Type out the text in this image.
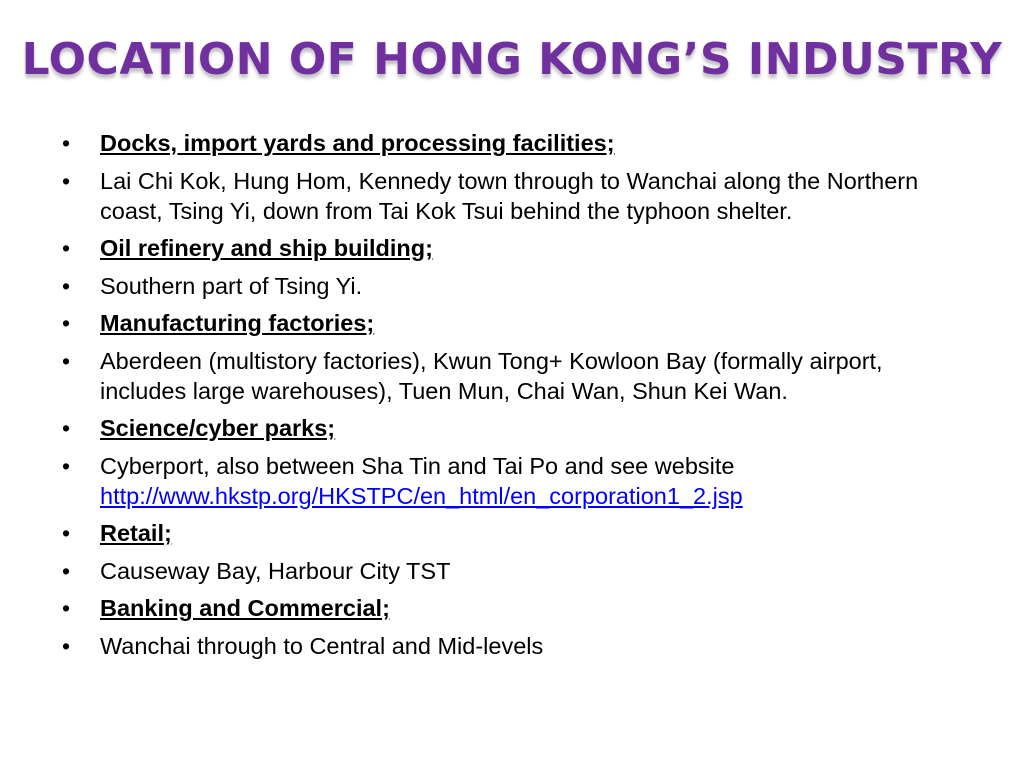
LOCATION OF HONG KONG’S INDUSTRY
•	Docks, import yards and processing facilities;
•	Lai Chi Kok, Hung Hom, Kennedy town through to Wanchai along the Northern coast, Tsing Yi, down from Tai Kok Tsui behind the typhoon shelter.
•	Oil refinery and ship building;
•	Southern part of Tsing Yi.
•	Manufacturing factories;
•	Aberdeen (multistory factories), Kwun Tong+ Kowloon Bay (formally airport, includes large warehouses), Tuen Mun, Chai Wan, Shun Kei Wan.
•	Science/cyber parks;
•	Cyberport, also between Sha Tin and Tai Po and see website
http://www.hkstp.org/HKSTPC/en_html/en_corporation1_2.jsp
•	Retail;
•	Causeway Bay, Harbour City TST
•	Banking and Commercial;
•	Wanchai through to Central and Mid-levels
